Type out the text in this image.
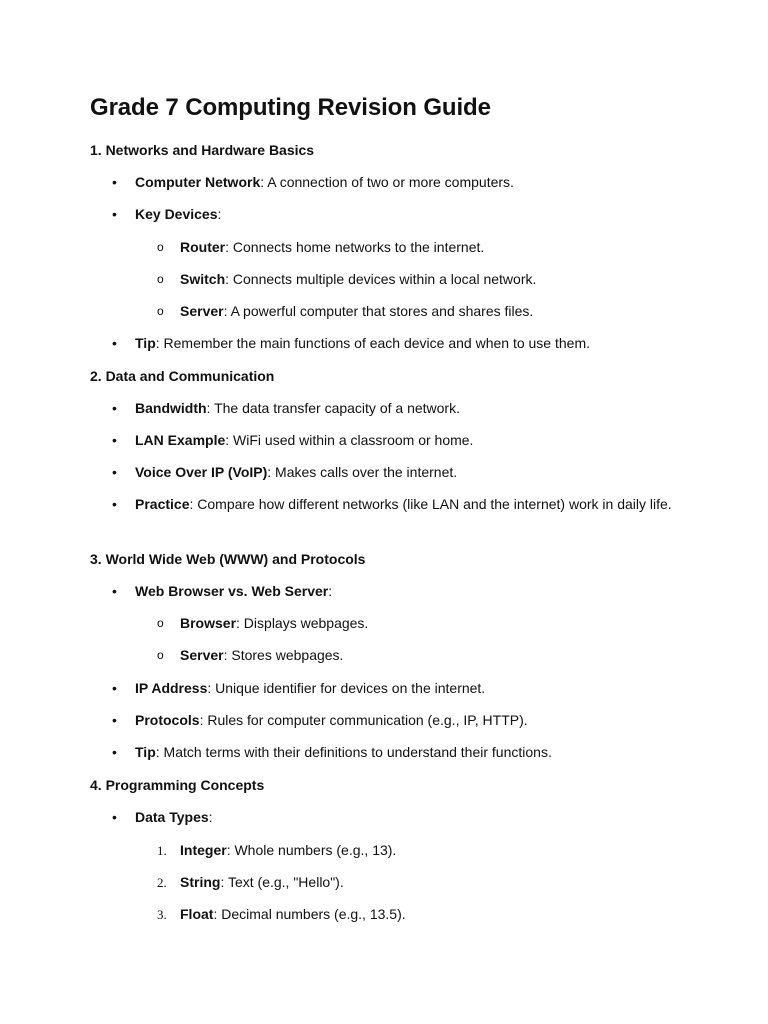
Grade 7 Computing Revision Guide
1. Networks and Hardware Basics

• Computer Network: A connection of two or more computers.

• Key Devices:

o Router: Connects home networks to the internet.

o Switch: Connects multiple devices within a local network.

o Server: A powerful computer that stores and shares files.

• Tip: Remember the main functions of each device and when to use them.

2. Data and Communication

• Bandwidth: The data transfer capacity of a network.

• LAN Example: WiFi used within a classroom or home.

• Voice Over IP (VoIP): Makes calls over the internet.

• Practice: Compare how different networks (like LAN and the internet) work in daily life.

3. World Wide Web (WWW) and Protocols

• Web Browser vs. Web Server:

o Browser: Displays webpages.

o Server: Stores webpages.

• IP Address: Unique identifier for devices on the internet.

• Protocols: Rules for computer communication (e.g., IP, HTTP).

• Tip: Match terms with their definitions to understand their functions.

4. Programming Concepts

• Data Types:

1. Integer: Whole numbers (e.g., 13).

2. String: Text (e.g., "Hello").

3. Float: Decimal numbers (e.g., 13.5).
